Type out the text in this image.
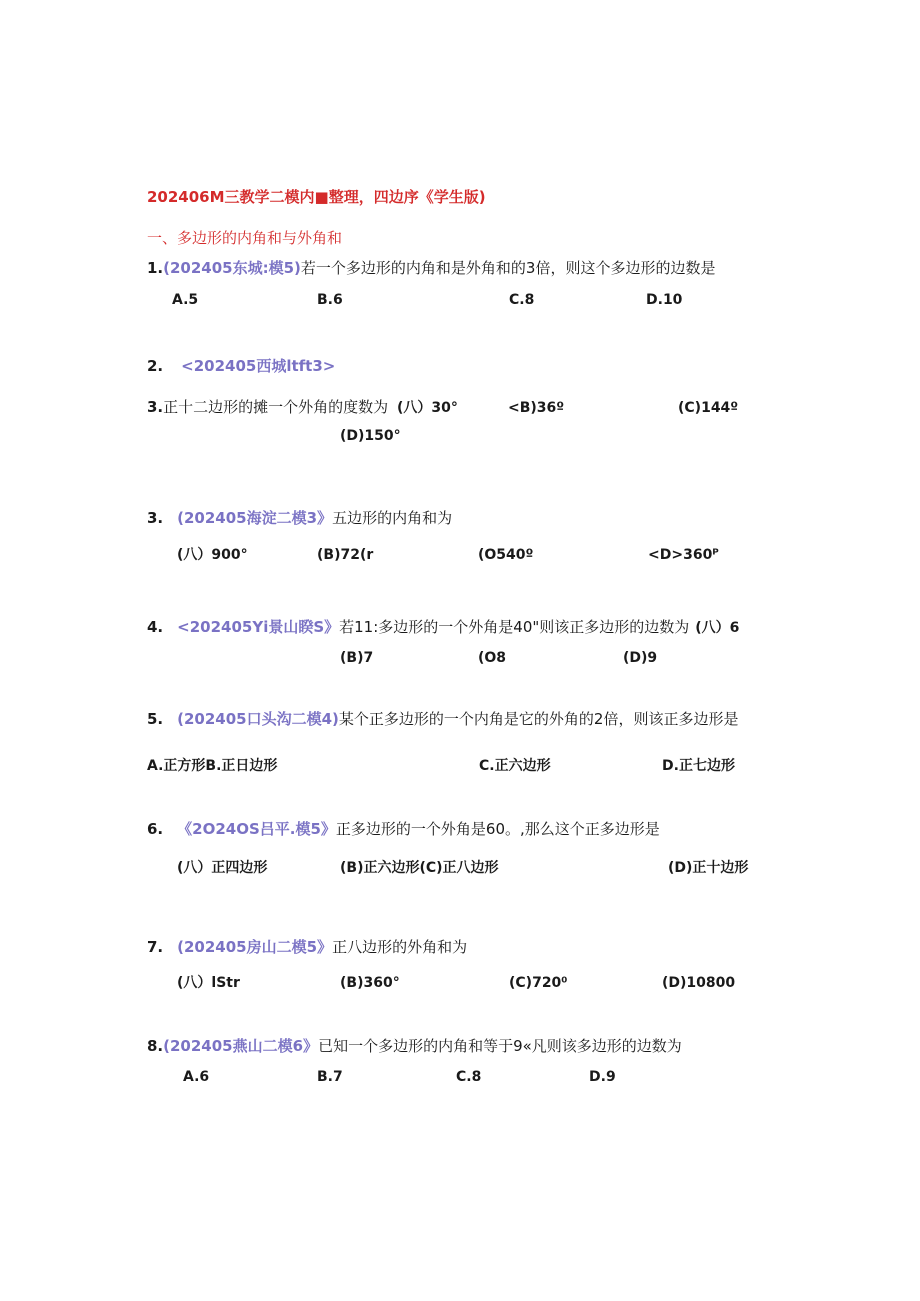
202406M三教学二模内■整理，四边序《学生版)
一、多边形的内角和与外角和
1.(202405东城:模5)若一个多边形的内角和是外角和的3倍，则这个多边形的边数是
A.5	B.6	C.8	D.10
2. <202405西城ltft3>
3.正十二边形的摊一个外角的度数为 (八）30°	<B)36º	(C)144º
(D)150°
3. (202405海淀二模3》五边形的内角和为
(八）900°	(B)72(r	(O540º	<D>360ᴾ
4. <202405Yi景山睽S》若11:多边形的一个外角是40"则该正多边形的边数为 (八）6
(B)7	(O8	(D)9
5. (202405口头沟二模4)某个正多边形的一个内角是它的外角的2倍，则该正多边形是
A.正方形B.正日边形	C.正六边形	D.正七边形
6. 《2O24OS吕平.模5》正多边形的一个外角是60。,那么这个正多边形是
(八）正四边形	(B)正六边形(C)正八边形	(D)正十边形
7. (202405房山二模5》正八边形的外角和为
(八）lStr	(B)360°	(C)720⁰	(D)10800
8.(202405燕山二模6》已知一个多边形的内角和等于9«凡则该多边形的边数为
A.6	B.7	C.8	D.9
